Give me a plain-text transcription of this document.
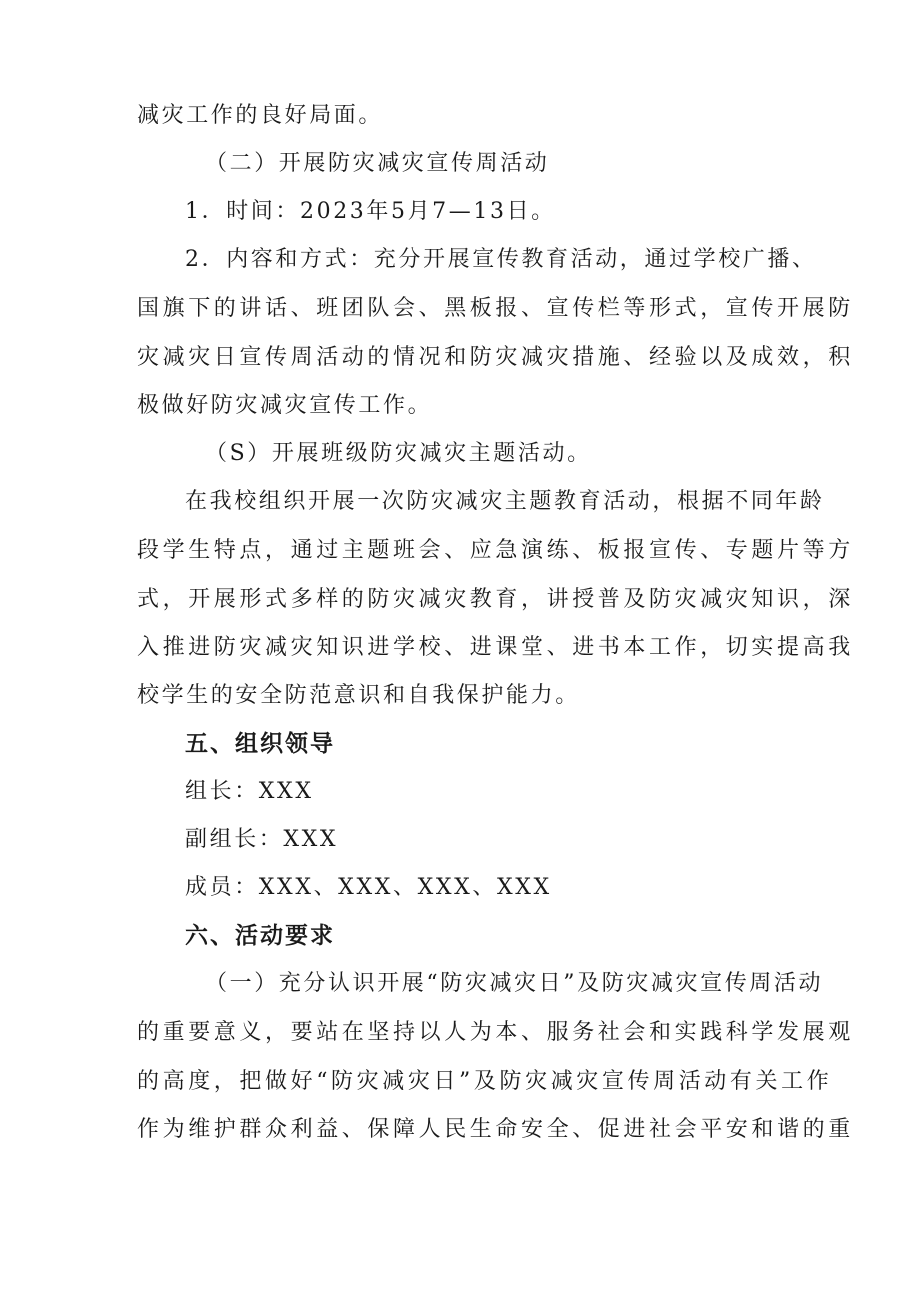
减灾工作的良好局面。
（二）开展防灾减灾宣传周活动
1．时间：2023年5月7—13日。
2．内容和方式：充分开展宣传教育活动，通过学校广播、
国旗下的讲话、班团队会、黑板报、宣传栏等形式，宣传开展防
灾减灾日宣传周活动的情况和防灾减灾措施、经验以及成效，积
极做好防灾减灾宣传工作。
（S）开展班级防灾减灾主题活动。
在我校组织开展一次防灾减灾主题教育活动，根据不同年龄
段学生特点，通过主题班会、应急演练、板报宣传、专题片等方
式，开展形式多样的防灾减灾教育，讲授普及防灾减灾知识，深
入推进防灾减灾知识进学校、进课堂、进书本工作，切实提高我
校学生的安全防范意识和自我保护能力。
五、组织领导
组长：XXX
副组长：XXX
成员：XXX、XXX、XXX、XXX
六、活动要求
（一）充分认识开展“防灾减灾日”及防灾减灾宣传周活动
的重要意义，要站在坚持以人为本、服务社会和实践科学发展观
的高度，把做好“防灾减灾日”及防灾减灾宣传周活动有关工作
作为维护群众利益、保障人民生命安全、促进社会平安和谐的重
